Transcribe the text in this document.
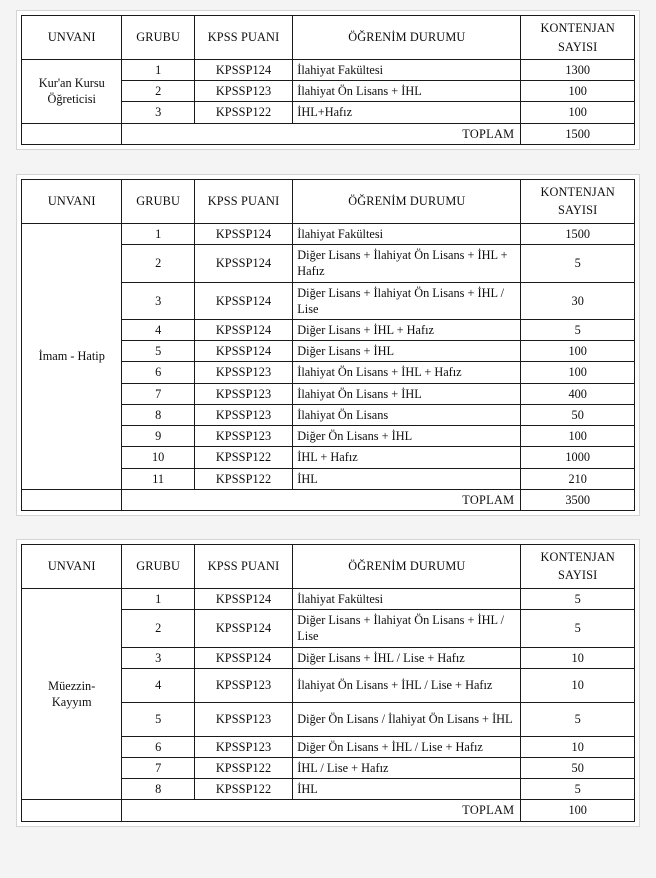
UNVANI	GRUBU	KPSS PUANI	ÖĞRENİM DURUMU	KONTENJAN
SAYISI
Kur'an Kursu
Öğreticisi	1	KPSSP124	İlahiyat Fakültesi	1300
	2	KPSSP123	İlahiyat Ön Lisans + İHL	100
	3	KPSSP122	İHL+Hafız	100
	TOPLAM			1500
UNVANI	GRUBU	KPSS PUANI	ÖĞRENİM DURUMU	KONTENJAN
SAYISI
İmam - Hatip	1	KPSSP124	İlahiyat Fakültesi	1500
	2	KPSSP124	Diğer Lisans + İlahiyat Ön Lisans + İHL + Hafız	5
	3	KPSSP124	Diğer Lisans + İlahiyat Ön Lisans + İHL / Lise	30
	4	KPSSP124	Diğer Lisans + İHL + Hafız	5
	5	KPSSP124	Diğer Lisans + İHL	100
	6	KPSSP123	İlahiyat Ön Lisans + İHL + Hafız	100
	7	KPSSP123	İlahiyat Ön Lisans + İHL	400
	8	KPSSP123	İlahiyat Ön Lisans	50
	9	KPSSP123	Diğer Ön Lisans + İHL	100
	10	KPSSP122	İHL + Hafız	1000
	11	KPSSP122	İHL	210
	TOPLAM			3500
UNVANI	GRUBU	KPSS PUANI	ÖĞRENİM DURUMU	KONTENJAN
SAYISI
Müezzin-
Kayyım	1	KPSSP124	İlahiyat Fakültesi	5
	2	KPSSP124	Diğer Lisans + İlahiyat Ön Lisans + İHL / Lise	5
	3	KPSSP124	Diğer Lisans + İHL / Lise + Hafız	10
	4	KPSSP123	İlahiyat Ön Lisans + İHL / Lise + Hafız	10
	5	KPSSP123	Diğer Ön Lisans / İlahiyat Ön Lisans + İHL	5
	6	KPSSP123	Diğer Ön Lisans + İHL / Lise + Hafız	10
	7	KPSSP122	İHL / Lise + Hafız	50
	8	KPSSP122	İHL	5
	TOPLAM			100
